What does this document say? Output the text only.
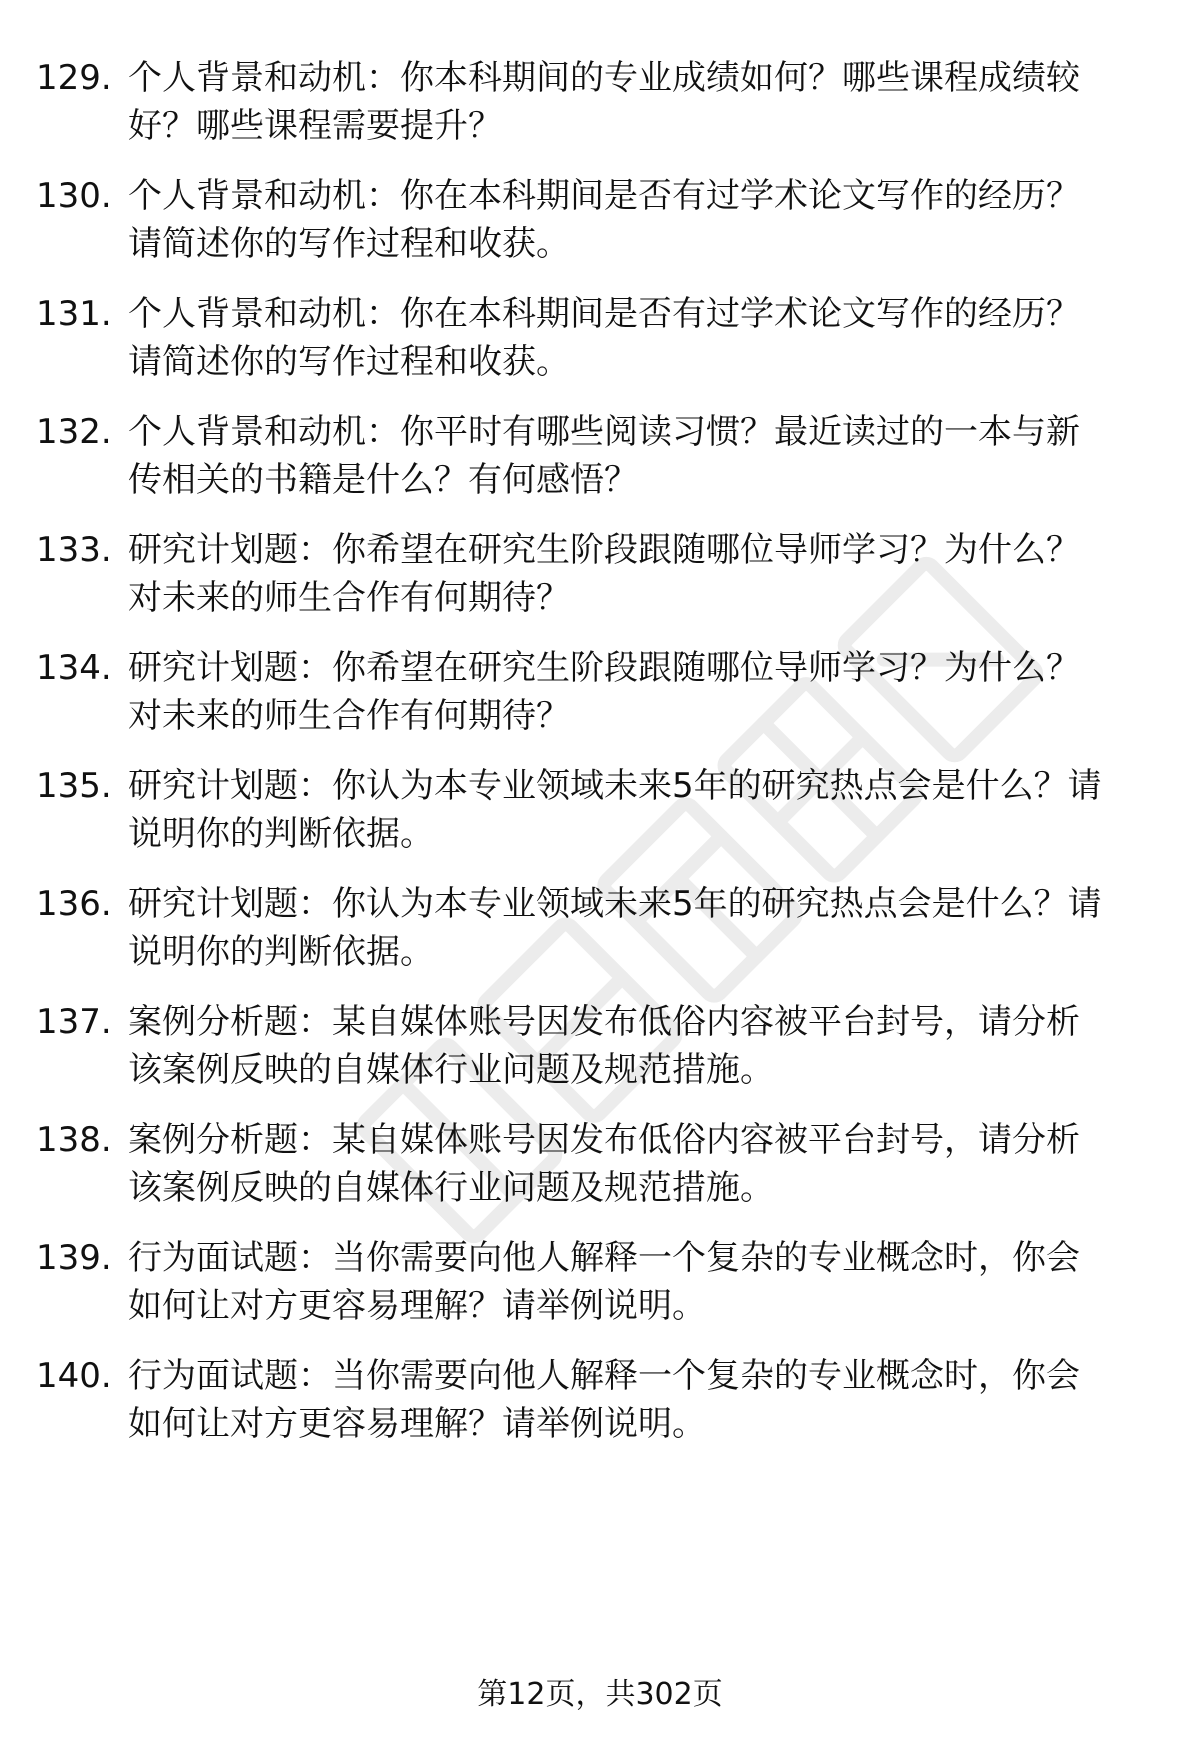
129. 个人背景和动机：你本科期间的专业成绩如何？哪些课程成绩较
好？哪些课程需要提升？
130. 个人背景和动机：你在本科期间是否有过学术论文写作的经历？
请简述你的写作过程和收获。
131. 个人背景和动机：你在本科期间是否有过学术论文写作的经历？
请简述你的写作过程和收获。
132. 个人背景和动机：你平时有哪些阅读习惯？最近读过的一本与新
传相关的书籍是什么？有何感悟？
133. 研究计划题：你希望在研究生阶段跟随哪位导师学习？为什么？
对未来的师生合作有何期待？
134. 研究计划题：你希望在研究生阶段跟随哪位导师学习？为什么？
对未来的师生合作有何期待？
135. 研究计划题：你认为本专业领域未来5年的研究热点会是什么？请
说明你的判断依据。
136. 研究计划题：你认为本专业领域未来5年的研究热点会是什么？请
说明你的判断依据。
137. 案例分析题：某自媒体账号因发布低俗内容被平台封号，请分析
该案例反映的自媒体行业问题及规范措施。
138. 案例分析题：某自媒体账号因发布低俗内容被平台封号，请分析
该案例反映的自媒体行业问题及规范措施。
139. 行为面试题：当你需要向他人解释一个复杂的专业概念时，你会
如何让对方更容易理解？请举例说明。
140. 行为面试题：当你需要向他人解释一个复杂的专业概念时，你会
如何让对方更容易理解？请举例说明。
第12页，共302页
